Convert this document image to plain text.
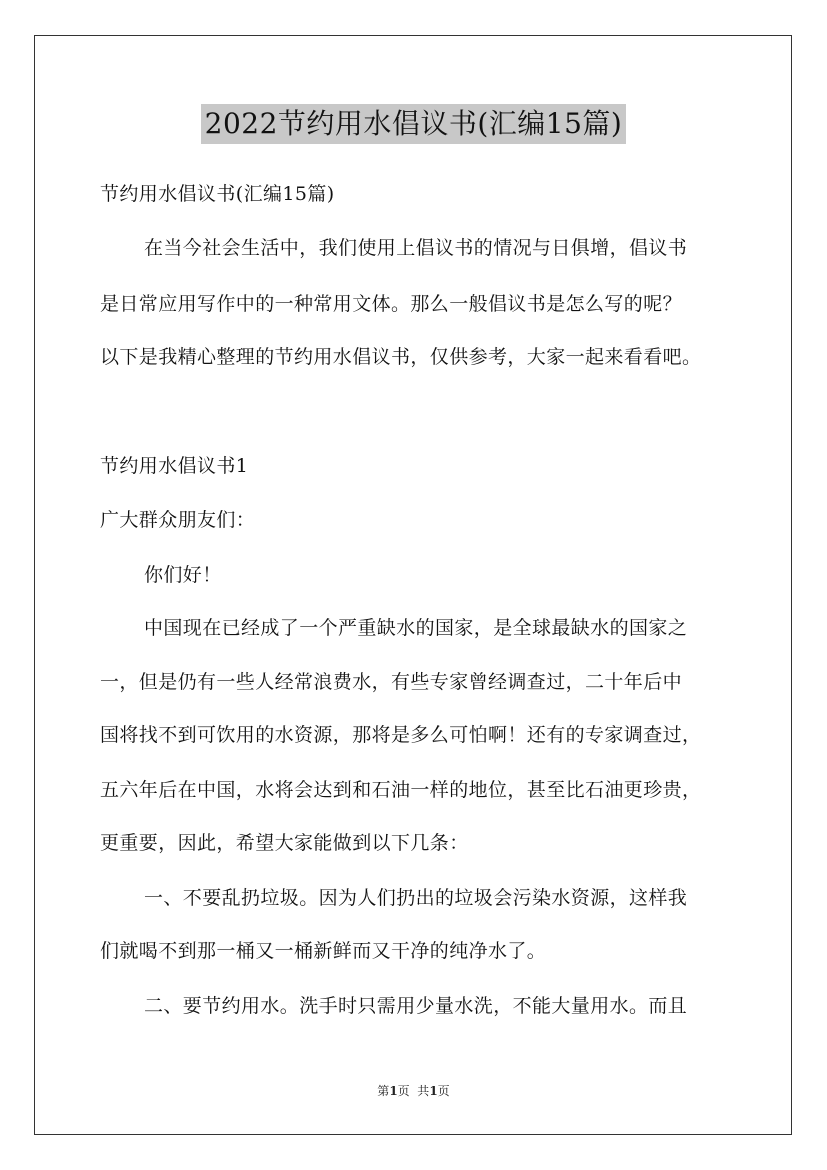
2022节约用水倡议书(汇编15篇)

节约用水倡议书(汇编15篇)

在当今社会生活中，我们使用上倡议书的情况与日俱增，倡议书

是日常应用写作中的一种常用文体。那么一般倡议书是怎么写的呢？

以下是我精心整理的节约用水倡议书，仅供参考，大家一起来看看吧。

节约用水倡议书1

广大群众朋友们：

你们好！

中国现在已经成了一个严重缺水的国家，是全球最缺水的国家之

一，但是仍有一些人经常浪费水，有些专家曾经调查过，二十年后中

国将找不到可饮用的水资源，那将是多么可怕啊！还有的专家调查过，

五六年后在中国，水将会达到和石油一样的地位，甚至比石油更珍贵，

更重要，因此，希望大家能做到以下几条：

一、不要乱扔垃圾。因为人们扔出的垃圾会污染水资源，这样我

们就喝不到那一桶又一桶新鲜而又干净的纯净水了。

二、要节约用水。洗手时只需用少量水洗，不能大量用水。而且

第1页  共1页
